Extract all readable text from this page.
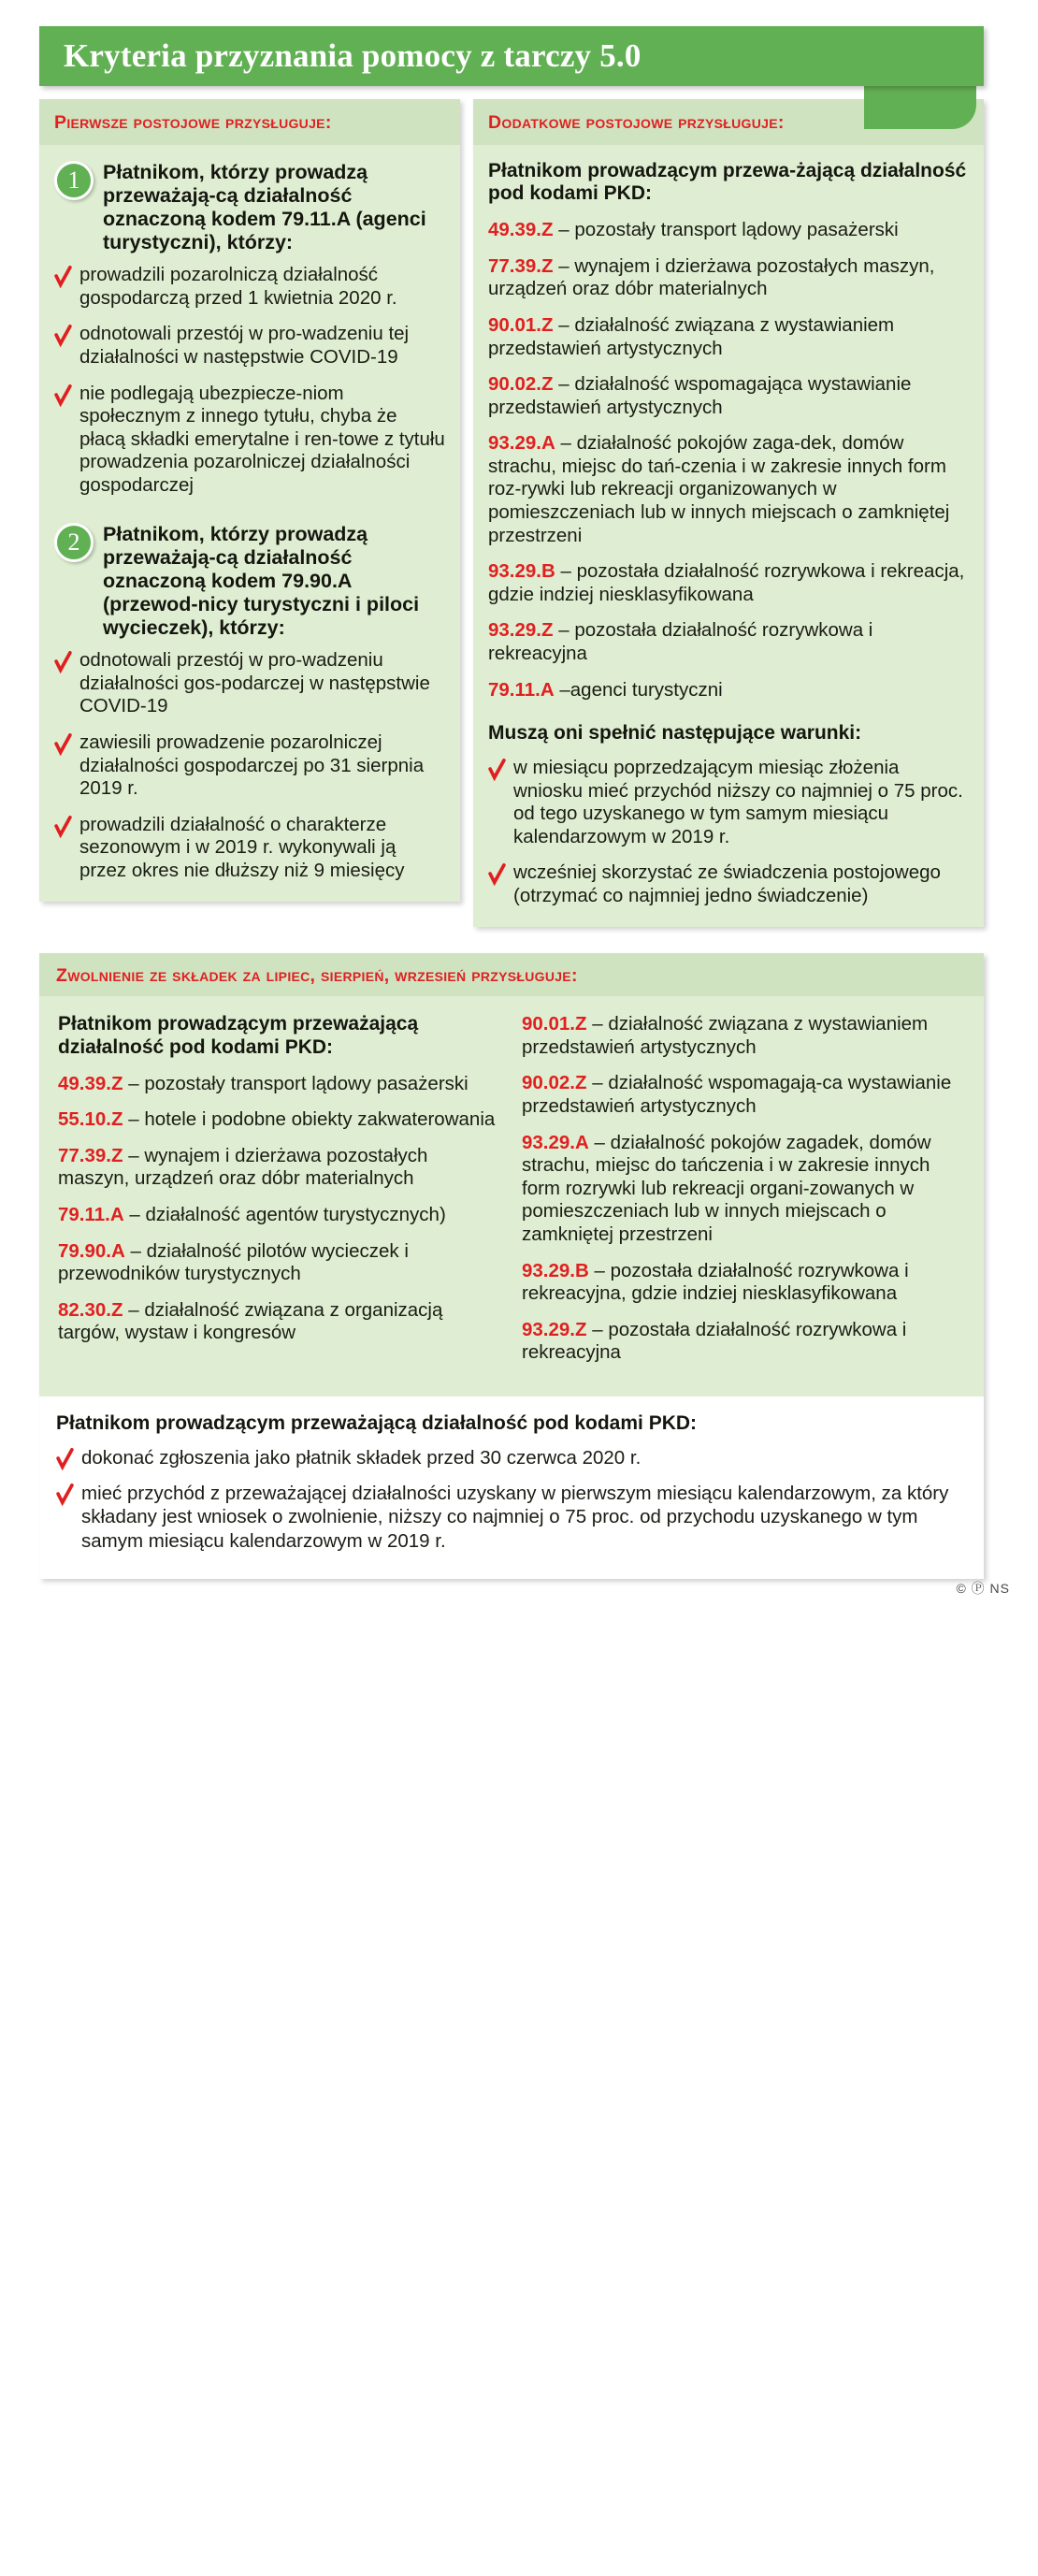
Kryteria przyznania pomocy z tarczy 5.0
Pierwsze postojowe przysługuje:
1	Płatnikom, którzy prowadzą przeważają-cą działalność oznaczoną kodem 79.11.A (agenci turystyczni), którzy:
prowadzili pozarolniczą działalność gospodarczą przed 1 kwietnia 2020 r.
odnotowali przestój w pro-wadzeniu tej działalności w następstwie COVID-19
nie podlegają ubezpiecze-niom społecznym z innego tytułu, chyba że płacą składki emerytalne i ren-towe z tytułu prowadzenia pozarolniczej działalności gospodarczej
2	Płatnikom, którzy prowadzą przeważają-cą działalność oznaczoną kodem 79.90.A (przewod-nicy turystyczni i piloci wycieczek), którzy:
odnotowali przestój w pro-wadzeniu działalności gos-podarczej w następstwie COVID-19
zawiesili prowadzenie pozarolniczej działalności gospodarczej po 31 sierpnia 2019 r.
prowadzili działalność o charakterze sezonowym i w 2019 r. wykonywali ją przez okres nie dłuższy niż 9 miesięcy
Dodatkowe postojowe przysługuje:
Płatnikom prowadzącym przewa-żającą działalność pod kodami PKD:
49.39.Z – pozostały transport lądowy pasażerski
77.39.Z – wynajem i dzierżawa pozostałych maszyn, urządzeń oraz dóbr materialnych
90.01.Z – działalność związana z wystawianiem przedstawień artystycznych
90.02.Z – działalność wspomagająca wystawianie przedstawień artystycznych
93.29.A – działalność pokojów zaga-dek, domów strachu, miejsc do tań-czenia i w zakresie innych form roz-rywki lub rekreacji organizowanych w pomieszczeniach lub w innych miejscach o zamkniętej przestrzeni
93.29.B – pozostała działalność rozrywkowa i rekreacja, gdzie indziej niesklasyfikowana
93.29.Z – pozostała działalność rozrywkowa i rekreacyjna
79.11.A –agenci turystyczni
Muszą oni spełnić następujące warunki:
w miesiącu poprzedzającym miesiąc złożenia wniosku mieć przychód niższy co najmniej o 75 proc. od tego uzyskanego w tym samym miesiącu kalendarzowym w 2019 r.
wcześniej skorzystać ze świadczenia postojowego (otrzymać co najmniej jedno świadczenie)
Zwolnienie ze składek za lipiec, sierpień, wrzesień przysługuje:
Płatnikom prowadzącym przeważającą działalność pod kodami PKD:
49.39.Z – pozostały transport lądowy pasażerski
55.10.Z – hotele i podobne obiekty zakwaterowania
77.39.Z – wynajem i dzierżawa pozostałych maszyn, urządzeń oraz dóbr materialnych
79.11.A – działalność agentów turystycznych)
79.90.A – działalność pilotów wycieczek i przewodników turystycznych
82.30.Z – działalność związana z organizacją targów, wystaw i kongresów
90.01.Z – działalność związana z wystawianiem przedstawień artystycznych
90.02.Z – działalność wspomagają-ca wystawianie przedstawień artystycznych
93.29.A – działalność pokojów zagadek, domów strachu, miejsc do tańczenia i w zakresie innych form rozrywki lub rekreacji organi-zowanych w pomieszczeniach lub w innych miejscach o zamkniętej przestrzeni
93.29.B – pozostała działalność rozrywkowa i rekreacyjna, gdzie indziej niesklasyfikowana
93.29.Z – pozostała działalność rozrywkowa i rekreacyjna
Płatnikom prowadzącym przeważającą działalność pod kodami PKD:
dokonać zgłoszenia jako płatnik składek przed 30 czerwca 2020 r.
mieć przychód z przeważającej działalności uzyskany w pierwszym miesiącu kalendarzowym, za który składany jest wniosek o zwolnienie, niższy co najmniej o 75 proc. od przychodu uzyskanego w tym samym miesiącu kalendarzowym w 2019 r.
© Ⓟ NS
